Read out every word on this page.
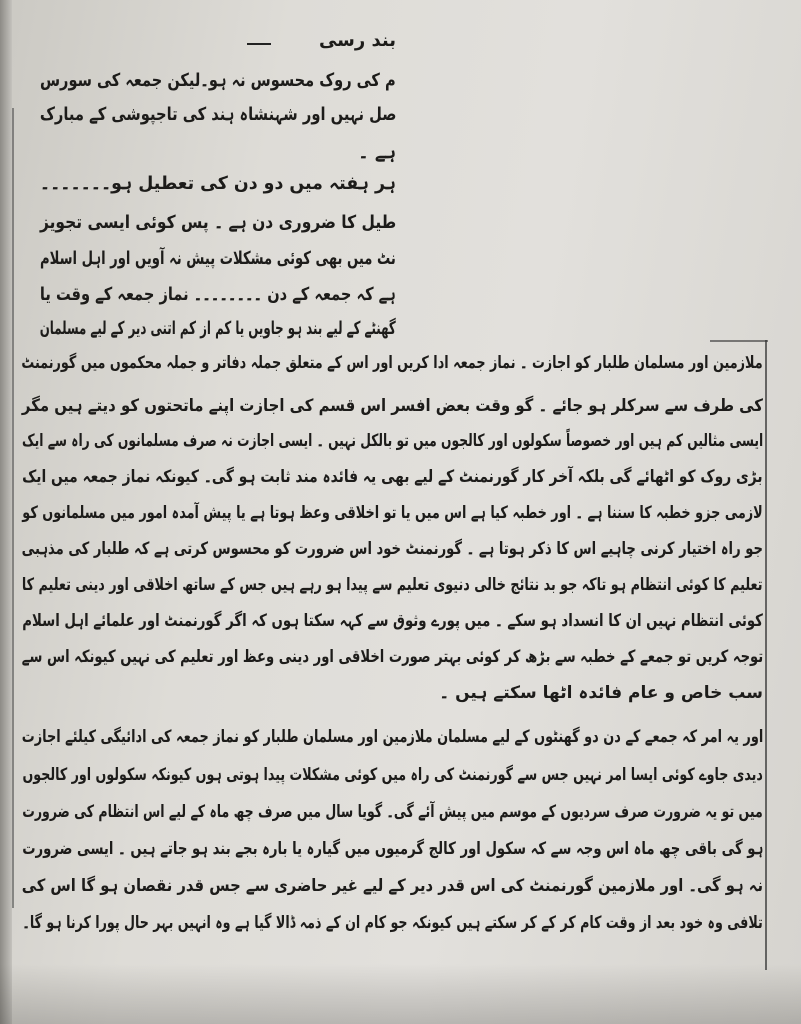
بند رسی
م کی روک محسوس نہ ہو۔لیکن جمعہ کی سورس
صل نہیں اور شہنشاہ ہند کی تاجپوشی کے مبارک
ہے ۔
ہر ہفتہ میں دو دن کی تعطیل ہو۔۔۔۔۔۔۔
طیل کا ضروری دن ہے ۔ پس کوئی ایسی تجویز
نٹ میں بھی کوئی مشکلات پیش نہ آویں اور اہل اسلام
ہے کہ جمعہ کے دن ۔۔۔۔۔۔۔۔ نماز جمعہ کے وقت یا
گھنٹے کے لیے بند ہو جاویں یا کم از کم اتنی دیر کے لیے مسلمان
ملازمین اور مسلمان طلبار کو اجازت ۔ نماز جمعہ ادا کریں اور اس کے متعلق جملہ دفاتر و جملہ محکموں میں گورنمنٹ
کی طرف سے سرکلر ہو جائے ۔ گو وقت بعض افسر اس قسم کی اجازت اپنے ماتحتوں کو دیتے ہیں مگر
ایسی مثالیں کم ہیں اور خصوصاً سکولوں اور کالجوں میں تو بالکل نہیں ۔ ایسی اجازت نہ صرف مسلمانوں کی راہ سے ایک
بڑی روک کو اٹھائے گی بلکہ آخر کار گورنمنٹ کے لیے بھی یہ فائدہ مند ثابت ہو گی۔ کیونکہ نماز جمعہ میں ایک
لازمی جزو خطبہ کا سننا ہے ۔ اور خطبہ کیا ہے اس میں یا تو اخلاقی وعظ ہوتا ہے یا پیش آمدہ امور میں مسلمانوں کو
جو راہ اختیار کرنی چاہیے اس کا ذکر ہوتا ہے ۔ گورنمنٹ خود اس ضرورت کو محسوس کرتی ہے کہ طلبار کی مذہبی
تعلیم کا کوئی انتظام ہو تاکہ جو بد نتائج خالی دنیوی تعلیم سے پیدا ہو رہے ہیں جس کے ساتھ اخلاقی اور دینی تعلیم کا
کوئی انتظام نہیں ان کا انسداد ہو سکے ۔ میں پورے وثوق سے کہہ سکتا ہوں کہ اگر گورنمنٹ اور علمائے اہل اسلام
توجہ کریں تو جمعے کے خطبہ سے بڑھ کر کوئی بہتر صورت اخلاقی اور دینی وعظ اور تعلیم کی نہیں کیونکہ اس سے
سب خاص و عام فائدہ اٹھا سکتے ہیں ۔
اور یہ امر کہ جمعے کے دن دو گھنٹوں کے لیے مسلمان ملازمین اور مسلمان طلبار کو نماز جمعہ کی ادائیگی کیلئے اجازت
دیدی جاوے کوئی ایسا امر نہیں جس سے گورنمنٹ کی راہ میں کوئی مشکلات پیدا ہوتی ہوں کیونکہ سکولوں اور کالجوں
میں تو یہ ضرورت صرف سردیوں کے موسم میں پیش آئے گی۔ گویا سال میں صرف چھ ماہ کے لیے اس انتظام کی ضرورت
ہو گی باقی چھ ماہ اس وجہ سے کہ سکول اور کالج گرمیوں میں گیارہ یا بارہ بجے بند ہو جاتے ہیں ۔ ایسی ضرورت
نہ ہو گی۔ اور ملازمین گورنمنٹ کی اس قدر دیر کے لیے غیر حاضری سے جس قدر نقصان ہو گا اس کی
تلافی وہ خود بعد از وقت کام کر کے کر سکتے ہیں کیونکہ جو کام ان کے ذمہ ڈالا گیا ہے وہ انہیں بہر حال پورا کرنا ہو گا۔
